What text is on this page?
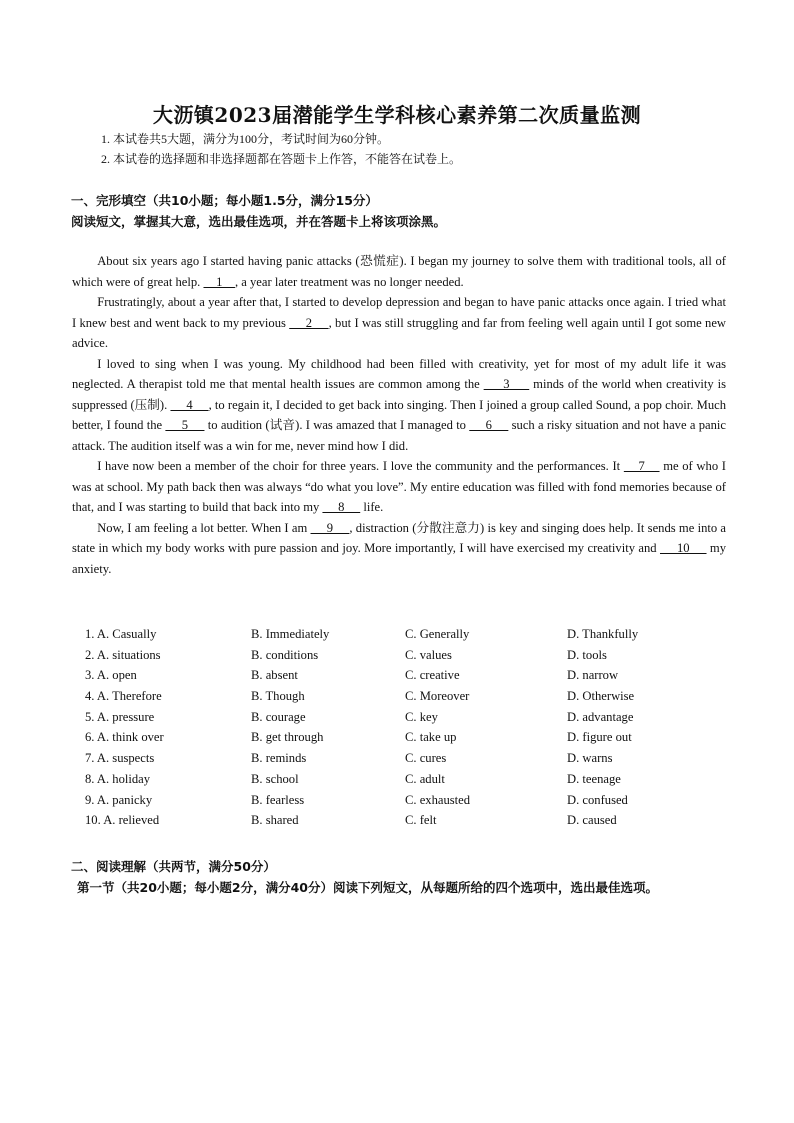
大沥镇2023届潜能学生学科核心素养第二次质量监测
1. 本试卷共5大题，满分为100分，考试时间为60分钟。
2. 本试卷的选择题和非选择题都在答题卡上作答，不能答在试卷上。
一、完形填空（共10小题；每小题1.5分，满分15分）
阅读短文，掌握其大意，选出最佳选项，并在答题卡上将该项涂黑。

About six years ago I started having panic attacks (恐慌症). I began my journey to solve them with traditional tools, all of which were of great help.     1    , a year later treatment was no longer needed.

Frustratingly, about a year after that, I started to develop depression and began to have panic attacks once again. I tried what I knew best and went back to my previous      2     , but I was still struggling and far from feeling well again until I got some new advice.

I loved to sing when I was young. My childhood had been filled with creativity, yet for most of my adult life it was neglected. A therapist told me that mental health issues are common among the      3      minds of the world when creativity is suppressed (压制).      4     , to regain it, I decided to get back into singing. Then I joined a group called Sound, a pop choir. Much better, I found the      5      to audition (试音). I was amazed that I managed to      6      such a risky situation and not have a panic attack. The audition itself was a win for me, never mind how I did.

I have now been a member of the choir for three years. I love the community and the performances. It     7     me of who I was at school. My path back then was always “do what you love”. My entire education was filled with fond memories because of that, and I was starting to build that back into my      8      life.

Now, I am feeling a lot better. When I am      9     , distraction (分散注意力) is key and singing does help. It sends me into a state in which my body works with pure passion and joy. More importantly, I will have exercised my creativity and      10      my anxiety.

1. A. Casually	B. Immediately	C. Generally	D. Thankfully
2. A. situations	B. conditions	C. values	D. tools
3. A. open	B. absent	C. creative	D. narrow
4. A. Therefore	B. Though	C. Moreover	D. Otherwise
5. A. pressure	B. courage	C. key	D. advantage
6. A. think over	B. get through	C. take up	D. figure out
7. A. suspects	B. reminds	C. cures	D. warns
8. A. holiday	B. school	C. adult	D. teenage
9. A. panicky	B. fearless	C. exhausted	D. confused
10. A. relieved	B. shared	C. felt	D. caused
二、阅读理解（共两节，满分50分）
第一节（共20小题；每小题2分，满分40分）阅读下列短文，从每题所给的四个选项中，选出最佳选项。
